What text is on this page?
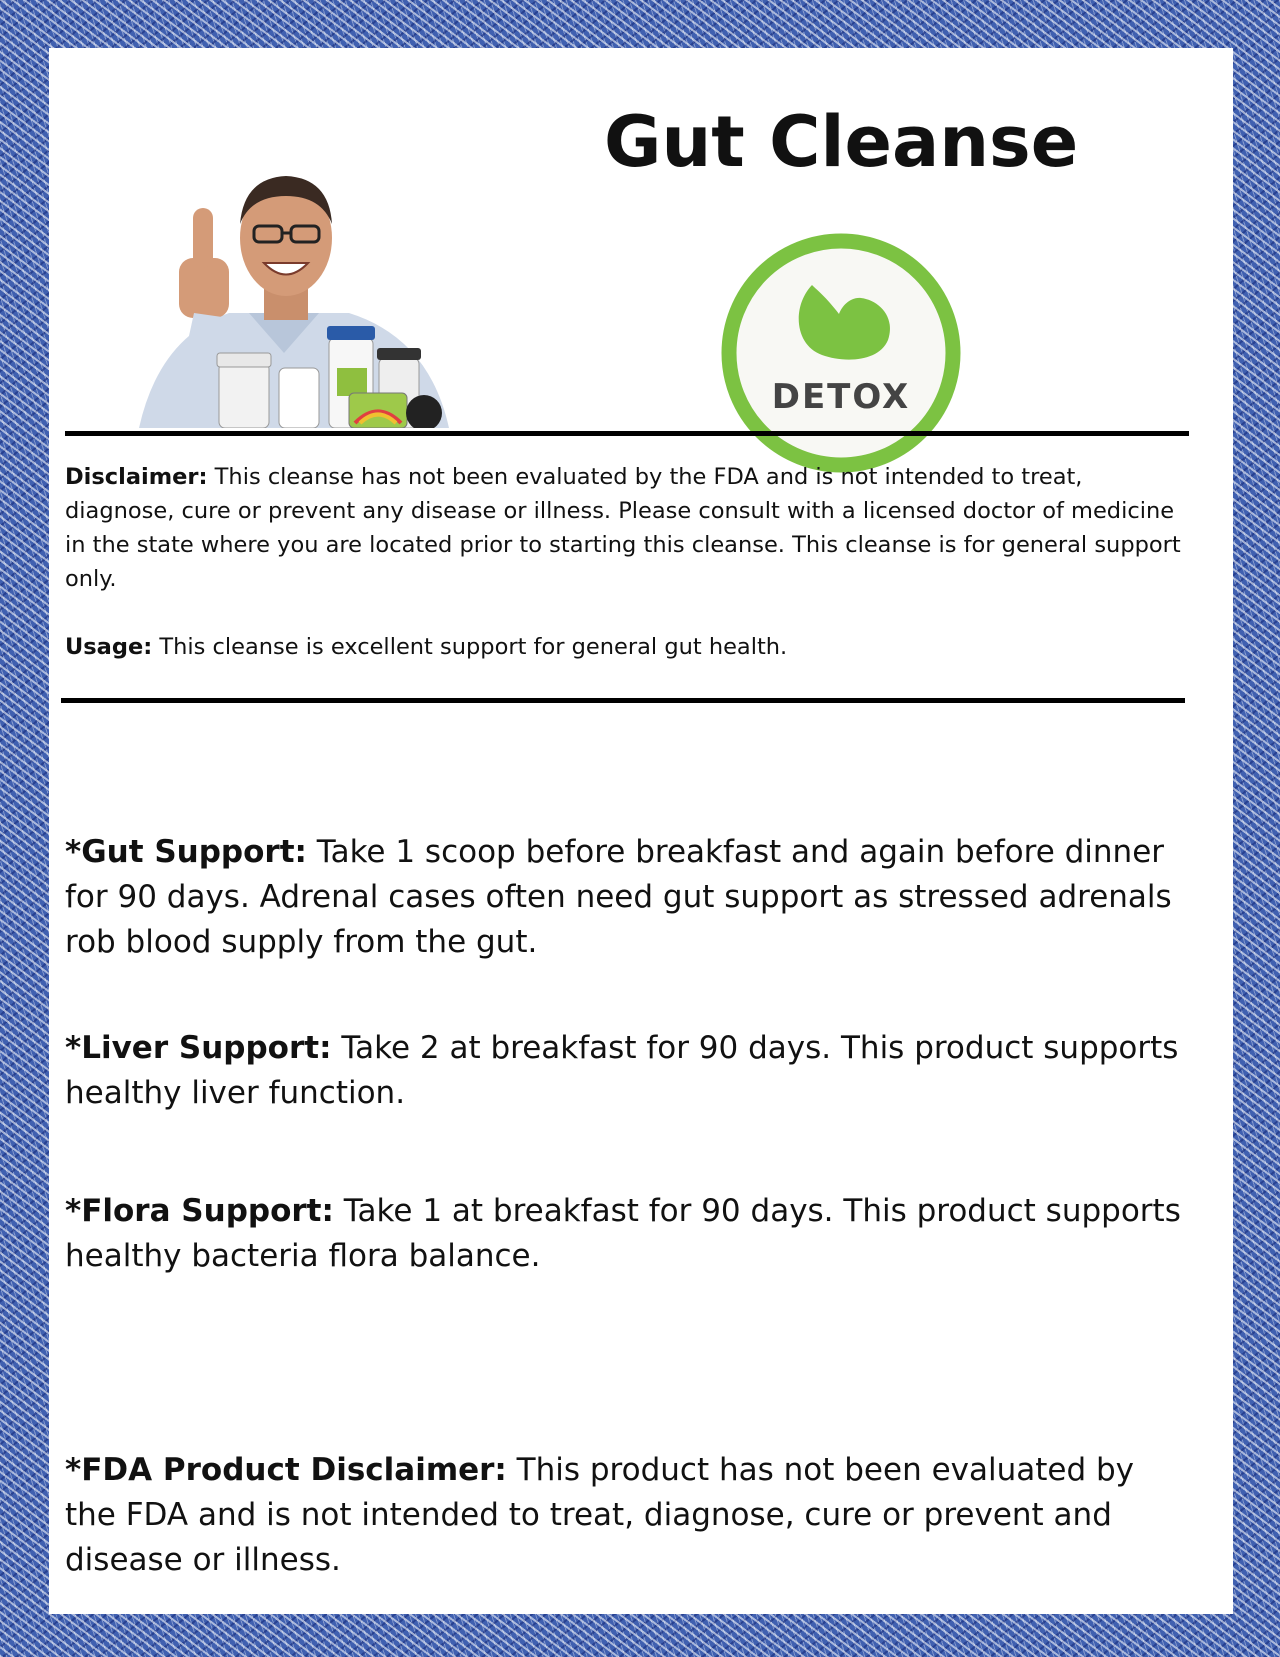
Gut Cleanse
DETOX

Disclaimer: This cleanse has not been evaluated by the FDA and is not intended to treat, diagnose, cure or prevent any disease or illness. Please consult with a licensed doctor of medicine in the state where you are located prior to starting this cleanse. This cleanse is for general support only.

Usage: This cleanse is excellent support for general gut health.

*Gut Support: Take 1 scoop before breakfast and again before dinner for 90 days. Adrenal cases often need gut support as stressed adrenals rob blood supply from the gut.

*Liver Support: Take 2 at breakfast for 90 days. This product supports healthy liver function.

*Flora Support: Take 1 at breakfast for 90 days. This product supports healthy bacteria flora balance.

*FDA Product Disclaimer: This product has not been evaluated by the FDA and is not intended to treat, diagnose, cure or prevent and disease or illness.
